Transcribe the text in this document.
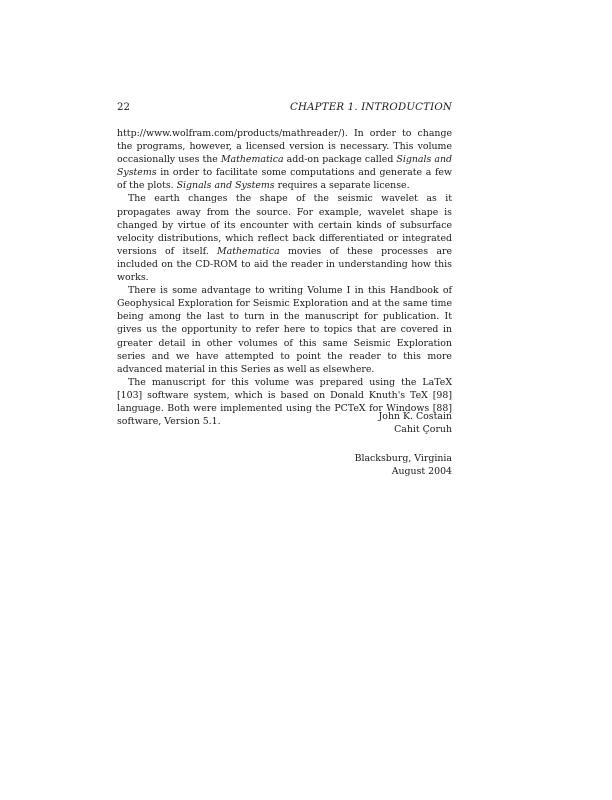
22	CHAPTER 1. INTRODUCTION

http://www.wolfram.com/products/mathreader/). In order to change the programs, however, a licensed version is necessary. This volume occasionally uses the Mathematica add-on package called Signals and Systems in order to facilitate some computations and generate a few of the plots. Signals and Systems requires a separate license.

The earth changes the shape of the seismic wavelet as it propagates away from the source. For example, wavelet shape is changed by virtue of its encounter with certain kinds of subsurface velocity distributions, which reflect back differentiated or integrated versions of itself. Mathematica movies of these processes are included on the CD-ROM to aid the reader in understanding how this works.

There is some advantage to writing Volume I in this Handbook of Geophysical Exploration for Seismic Exploration and at the same time being among the last to turn in the manuscript for publication. It gives us the opportunity to refer here to topics that are covered in greater detail in other volumes of this same Seismic Exploration series and we have attempted to point the reader to this more advanced material in this Series as well as elsewhere.

The manuscript for this volume was prepared using the LaTeX [103] software system, which is based on Donald Knuth's TeX [98] language. Both were implemented using the PCTeX for Windows [88] software, Version 5.1.	John K. Costain
Cahit Çoruh
Blacksburg, Virginia
August 2004
